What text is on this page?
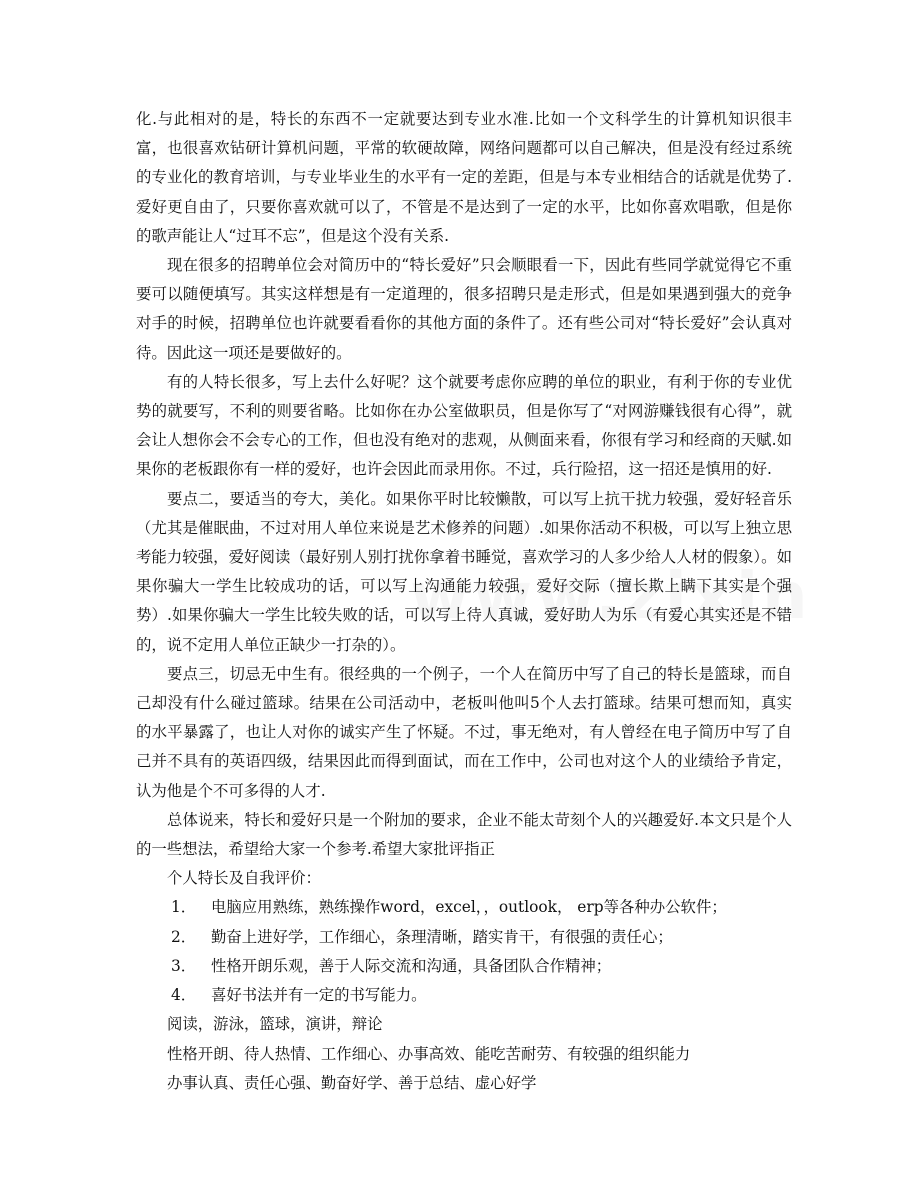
化.与此相对的是，特长的东西不一定就要达到专业水准.比如一个文科学生的计算机知识很丰富，也很喜欢钻研计算机问题，平常的软硬故障，网络问题都可以自己解决，但是没有经过系统的专业化的教育培训，与专业毕业生的水平有一定的差距，但是与本专业相结合的话就是优势了.爱好更自由了，只要你喜欢就可以了，不管是不是达到了一定的水平，比如你喜欢唱歌，但是你的歌声能让人“过耳不忘”，但是这个没有关系.

现在很多的招聘单位会对简历中的“特长爱好”只会顺眼看一下，因此有些同学就觉得它不重要可以随便填写。其实这样想是有一定道理的，很多招聘只是走形式，但是如果遇到强大的竞争对手的时候，招聘单位也许就要看看你的其他方面的条件了。还有些公司对“特长爱好”会认真对待。因此这一项还是要做好的。

有的人特长很多，写上去什么好呢？这个就要考虑你应聘的单位的职业，有利于你的专业优势的就要写，不利的则要省略。比如你在办公室做职员，但是你写了“对网游赚钱很有心得”，就会让人想你会不会专心的工作，但也没有绝对的悲观，从侧面来看，你很有学习和经商的天赋.如果你的老板跟你有一样的爱好，也许会因此而录用你。不过，兵行险招，这一招还是慎用的好.

要点二，要适当的夸大，美化。如果你平时比较懒散，可以写上抗干扰力较强，爱好轻音乐（尤其是催眠曲，不过对用人单位来说是艺术修养的问题）.如果你活动不积极，可以写上独立思考能力较强，爱好阅读（最好别人别打扰你拿着书睡觉，喜欢学习的人多少给人人材的假象）。如果你骗大一学生比较成功的话，可以写上沟通能力较强，爱好交际（擅长欺上瞒下其实是个强势）.如果你骗大一学生比较失败的话，可以写上待人真诚，爱好助人为乐（有爱心其实还是不错的，说不定用人单位正缺少一打杂的）。

要点三，切忌无中生有。很经典的一个例子，一个人在简历中写了自己的特长是篮球，而自己却没有什么碰过篮球。结果在公司活动中，老板叫他叫5个人去打篮球。结果可想而知，真实的水平暴露了，也让人对你的诚实产生了怀疑。不过，事无绝对，有人曾经在电子简历中写了自己并不具有的英语四级，结果因此而得到面试，而在工作中，公司也对这个人的业绩给予肯定，认为他是个不可多得的人才.

总体说来，特长和爱好只是一个附加的要求，企业不能太苛刻个人的兴趣爱好.本文只是个人的一些想法，希望给大家一个参考.希望大家批评指正

个人特长及自我评价：

1． 电脑应用熟练，熟练操作word，excel，，outlook， erp等各种办公软件；
2． 勤奋上进好学，工作细心，条理清晰，踏实肯干，有很强的责任心；
3． 性格开朗乐观，善于人际交流和沟通，具备团队合作精神；
4． 喜好书法并有一定的书写能力。

阅读，游泳，篮球，演讲，辩论

性格开朗、待人热情、工作细心、办事高效、能吃苦耐劳、有较强的组织能力

办事认真、责任心强、勤奋好学、善于总结、虚心好学
